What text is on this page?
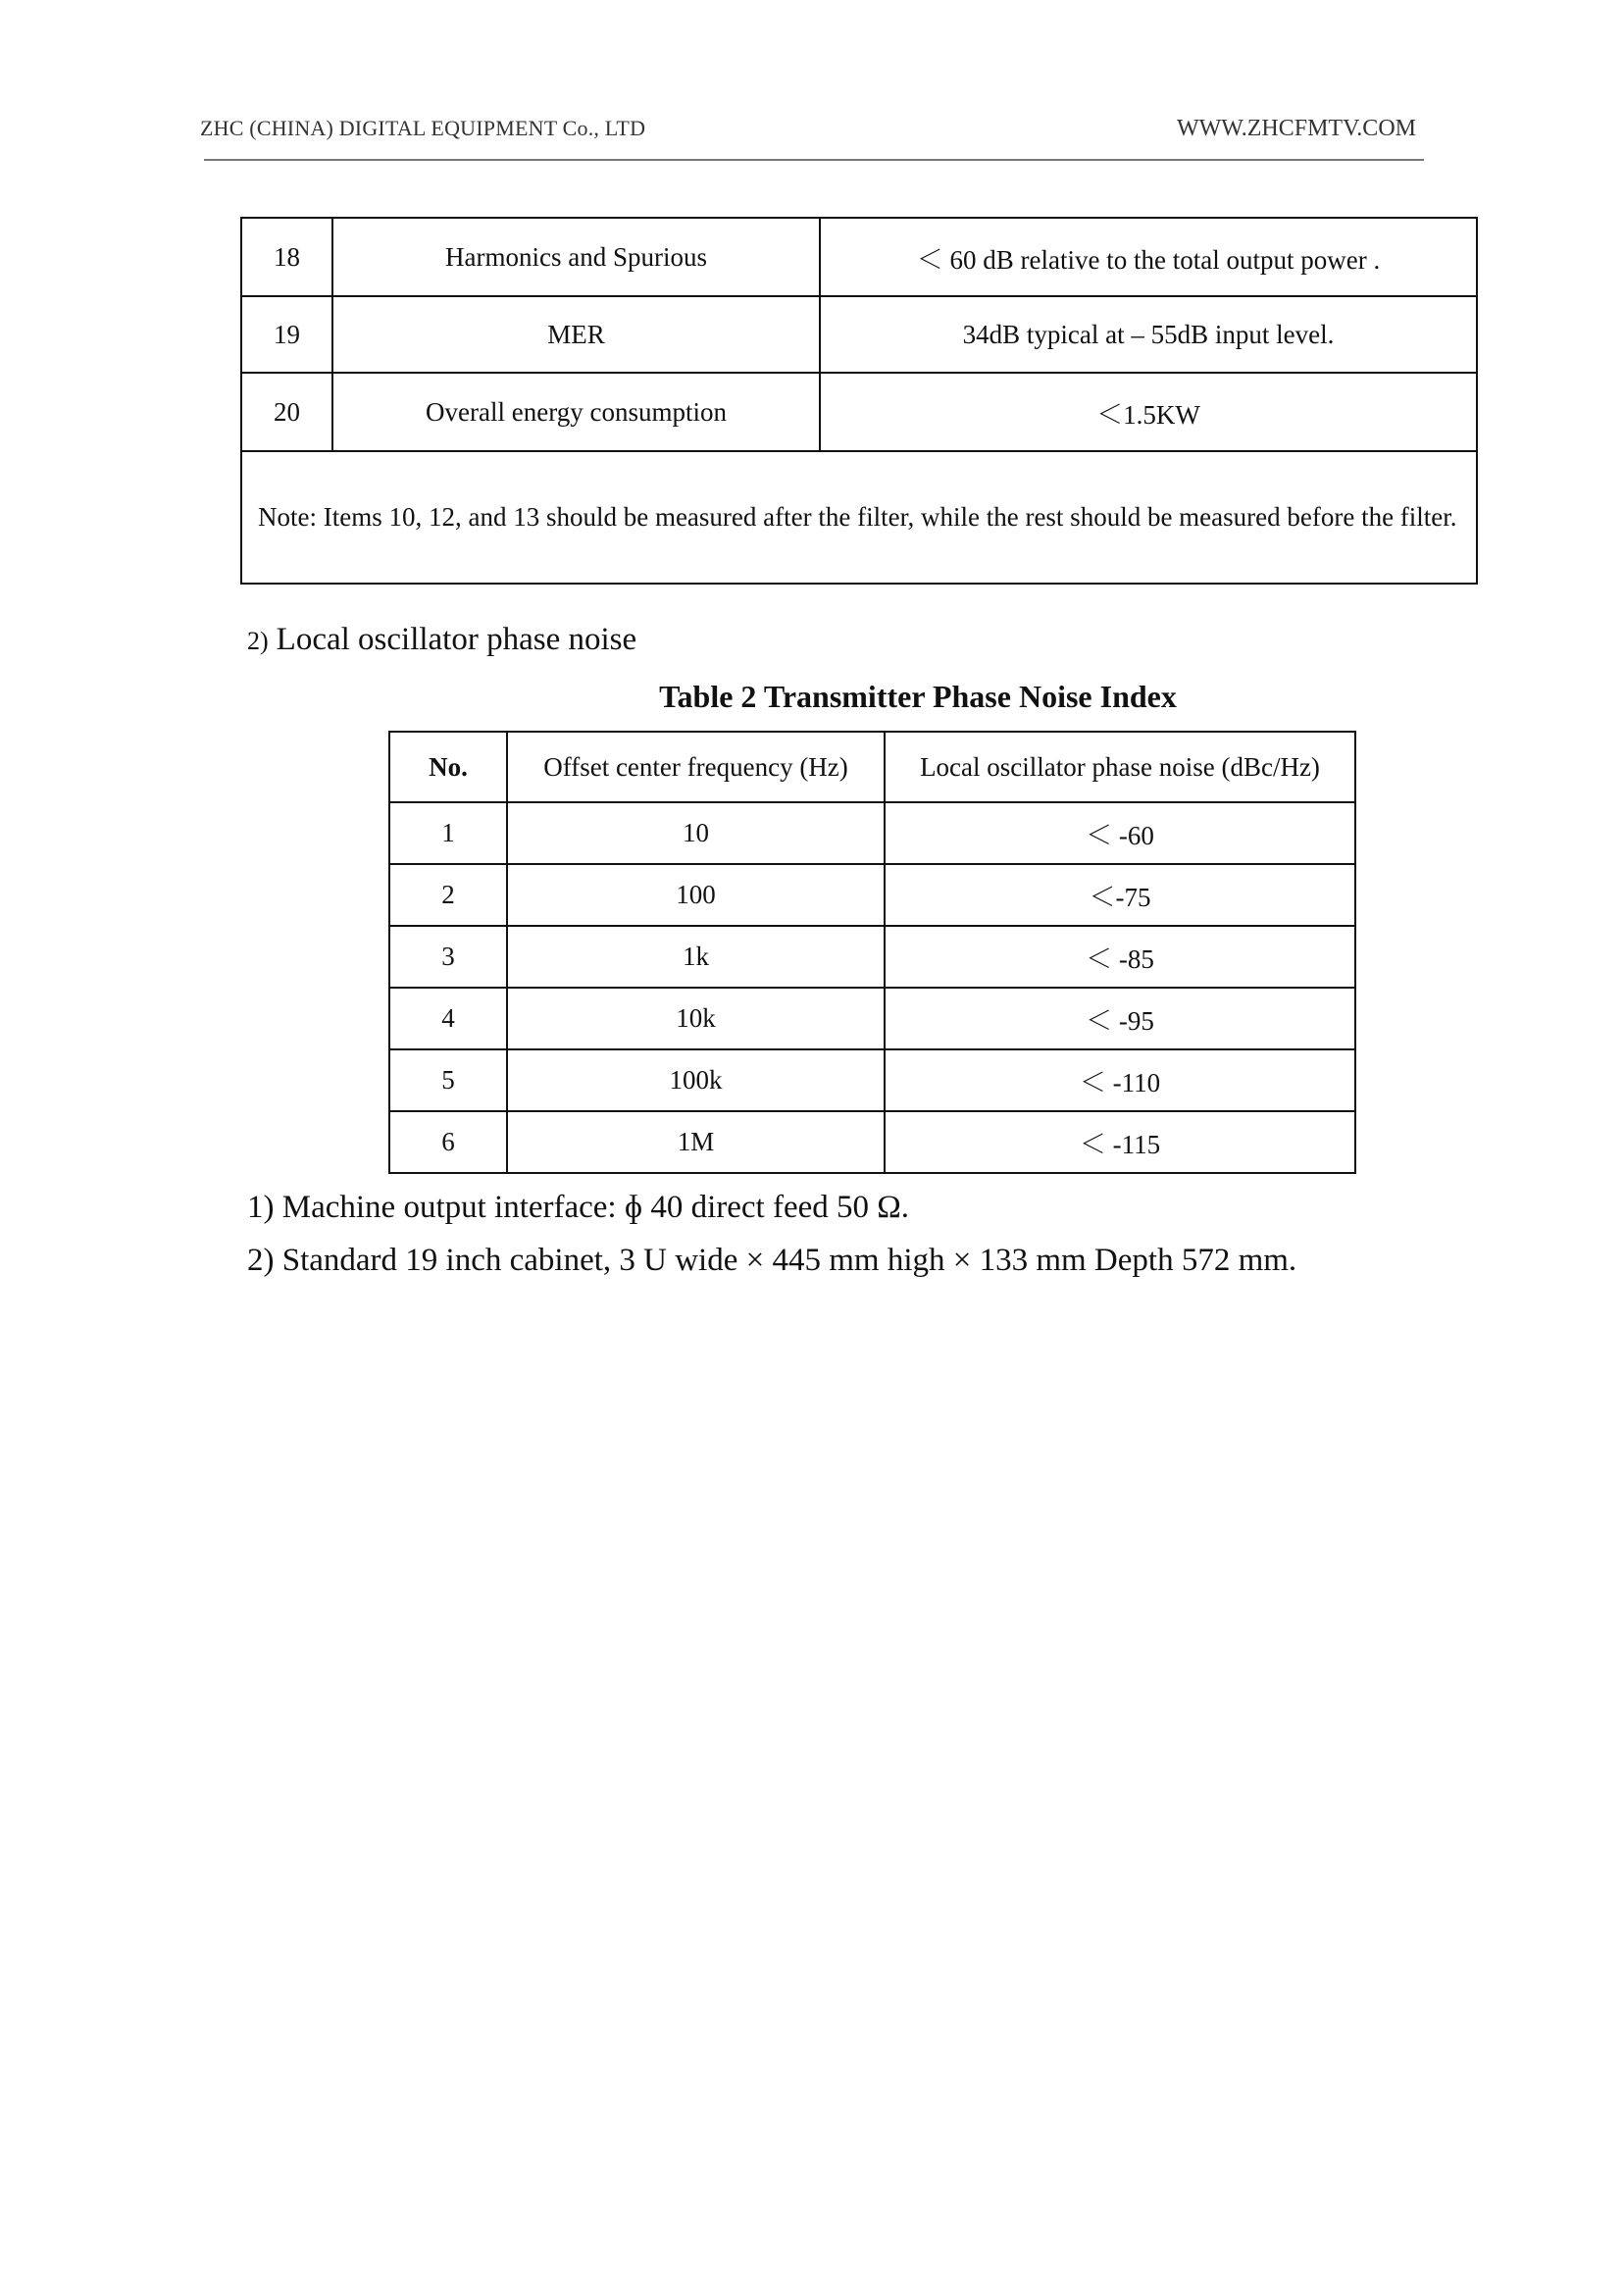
ZHC (CHINA) DIGITAL EQUIPMENT Co., LTD	WWW.ZHCFMTV.COM
18	Harmonics and Spurious	＜ 60 dB relative to the total output power .
19	MER	34dB typical at – 55dB input level.
20	Overall energy consumption	＜1.5KW
Note: Items 10, 12, and 13 should be measured after the filter, while the rest should be measured before the filter.		
2) Local oscillator phase noise
Table 2 Transmitter Phase Noise Index
No.	Offset center frequency (Hz)	Local oscillator phase noise (dBc/Hz)
1	10	＜ -60
2	100	＜-75
3	1k	＜ -85
4	10k	＜ -95
5	100k	＜ -110
6	1M	＜ -115
1) Machine output interface: ɸ 40 direct feed 50 Ω.
2) Standard 19 inch cabinet, 3 U wide × 445 mm high × 133 mm Depth 572 mm.
